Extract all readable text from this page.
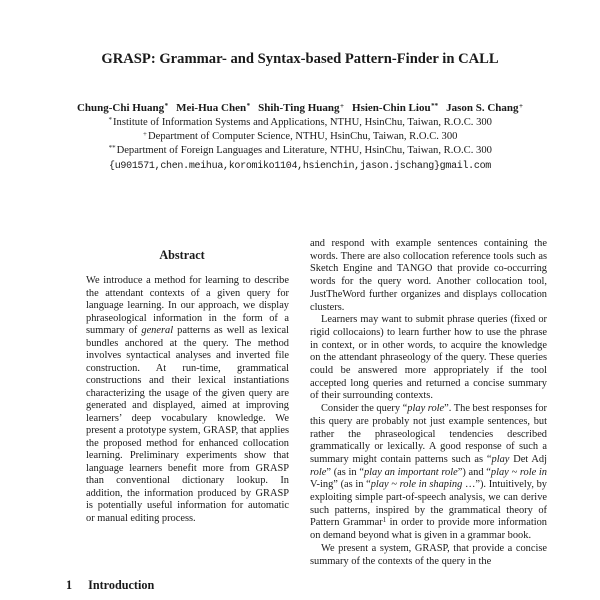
GRASP: Grammar- and Syntax-based Pattern-Finder in CALL
Chung-Chi Huang* Mei-Hua Chen* Shih-Ting Huang+ Hsien-Chin Liou** Jason S. Chang+
*Institute of Information Systems and Applications, NTHU, HsinChu, Taiwan, R.O.C. 300
+Department of Computer Science, NTHU, HsinChu, Taiwan, R.O.C. 300
**Department of Foreign Languages and Literature, NTHU, HsinChu, Taiwan, R.O.C. 300
{u901571,chen.meihua,koromiko1104,hsienchin,jason.jschang}gmail.com
Abstract
We introduce a method for learning to describe the attendant contexts of a given query for language learning. In our approach, we display phraseological information in the form of a summary of general patterns as well as lexical bundles anchored at the query. The method involves syntactical analyses and inverted file construction. At run-time, grammatical constructions and their lexical instantiations characterizing the usage of the given query are generated and displayed, aimed at improving learners’ deep vocabulary knowledge. We present a prototype system, GRASP, that applies the proposed method for enhanced collocation learning. Preliminary experiments show that language learners benefit more from GRASP than conventional dictionary lookup. In addition, the information produced by GRASP is potentially useful information for automatic or manual editing process.
1 Introduction
and respond with example sentences containing the words. There are also collocation reference tools such as Sketch Engine and TANGO that provide co-occurring words for the query word. Another collocation tool, JustTheWord further organizes and displays collocation clusters.
Learners may want to submit phrase queries (fixed or rigid collocaions) to learn further how to use the phrase in context, or in other words, to acquire the knowledge on the attendant phraseology of the query. These queries could be answered more appropriately if the tool accepted long queries and returned a concise summary of their surrounding contexts.
Consider the query “play role”. The best responses for this query are probably not just example sentences, but rather the phraseological tendencies described grammatically or lexically. A good response of such a summary might contain patterns such as “play Det Adj role” (as in “play an important role”) and “play ~ role in V-ing” (as in “play ~ role in shaping …”). Intuitively, by exploiting simple part-of-speech analysis, we can derive such patterns, inspired by the grammatical theory of Pattern Grammar$^1$ in order to provide more information on demand beyond what is given in a grammar book.
We present a system, GRASP, that provide a concise summary of the contexts of the query in the
